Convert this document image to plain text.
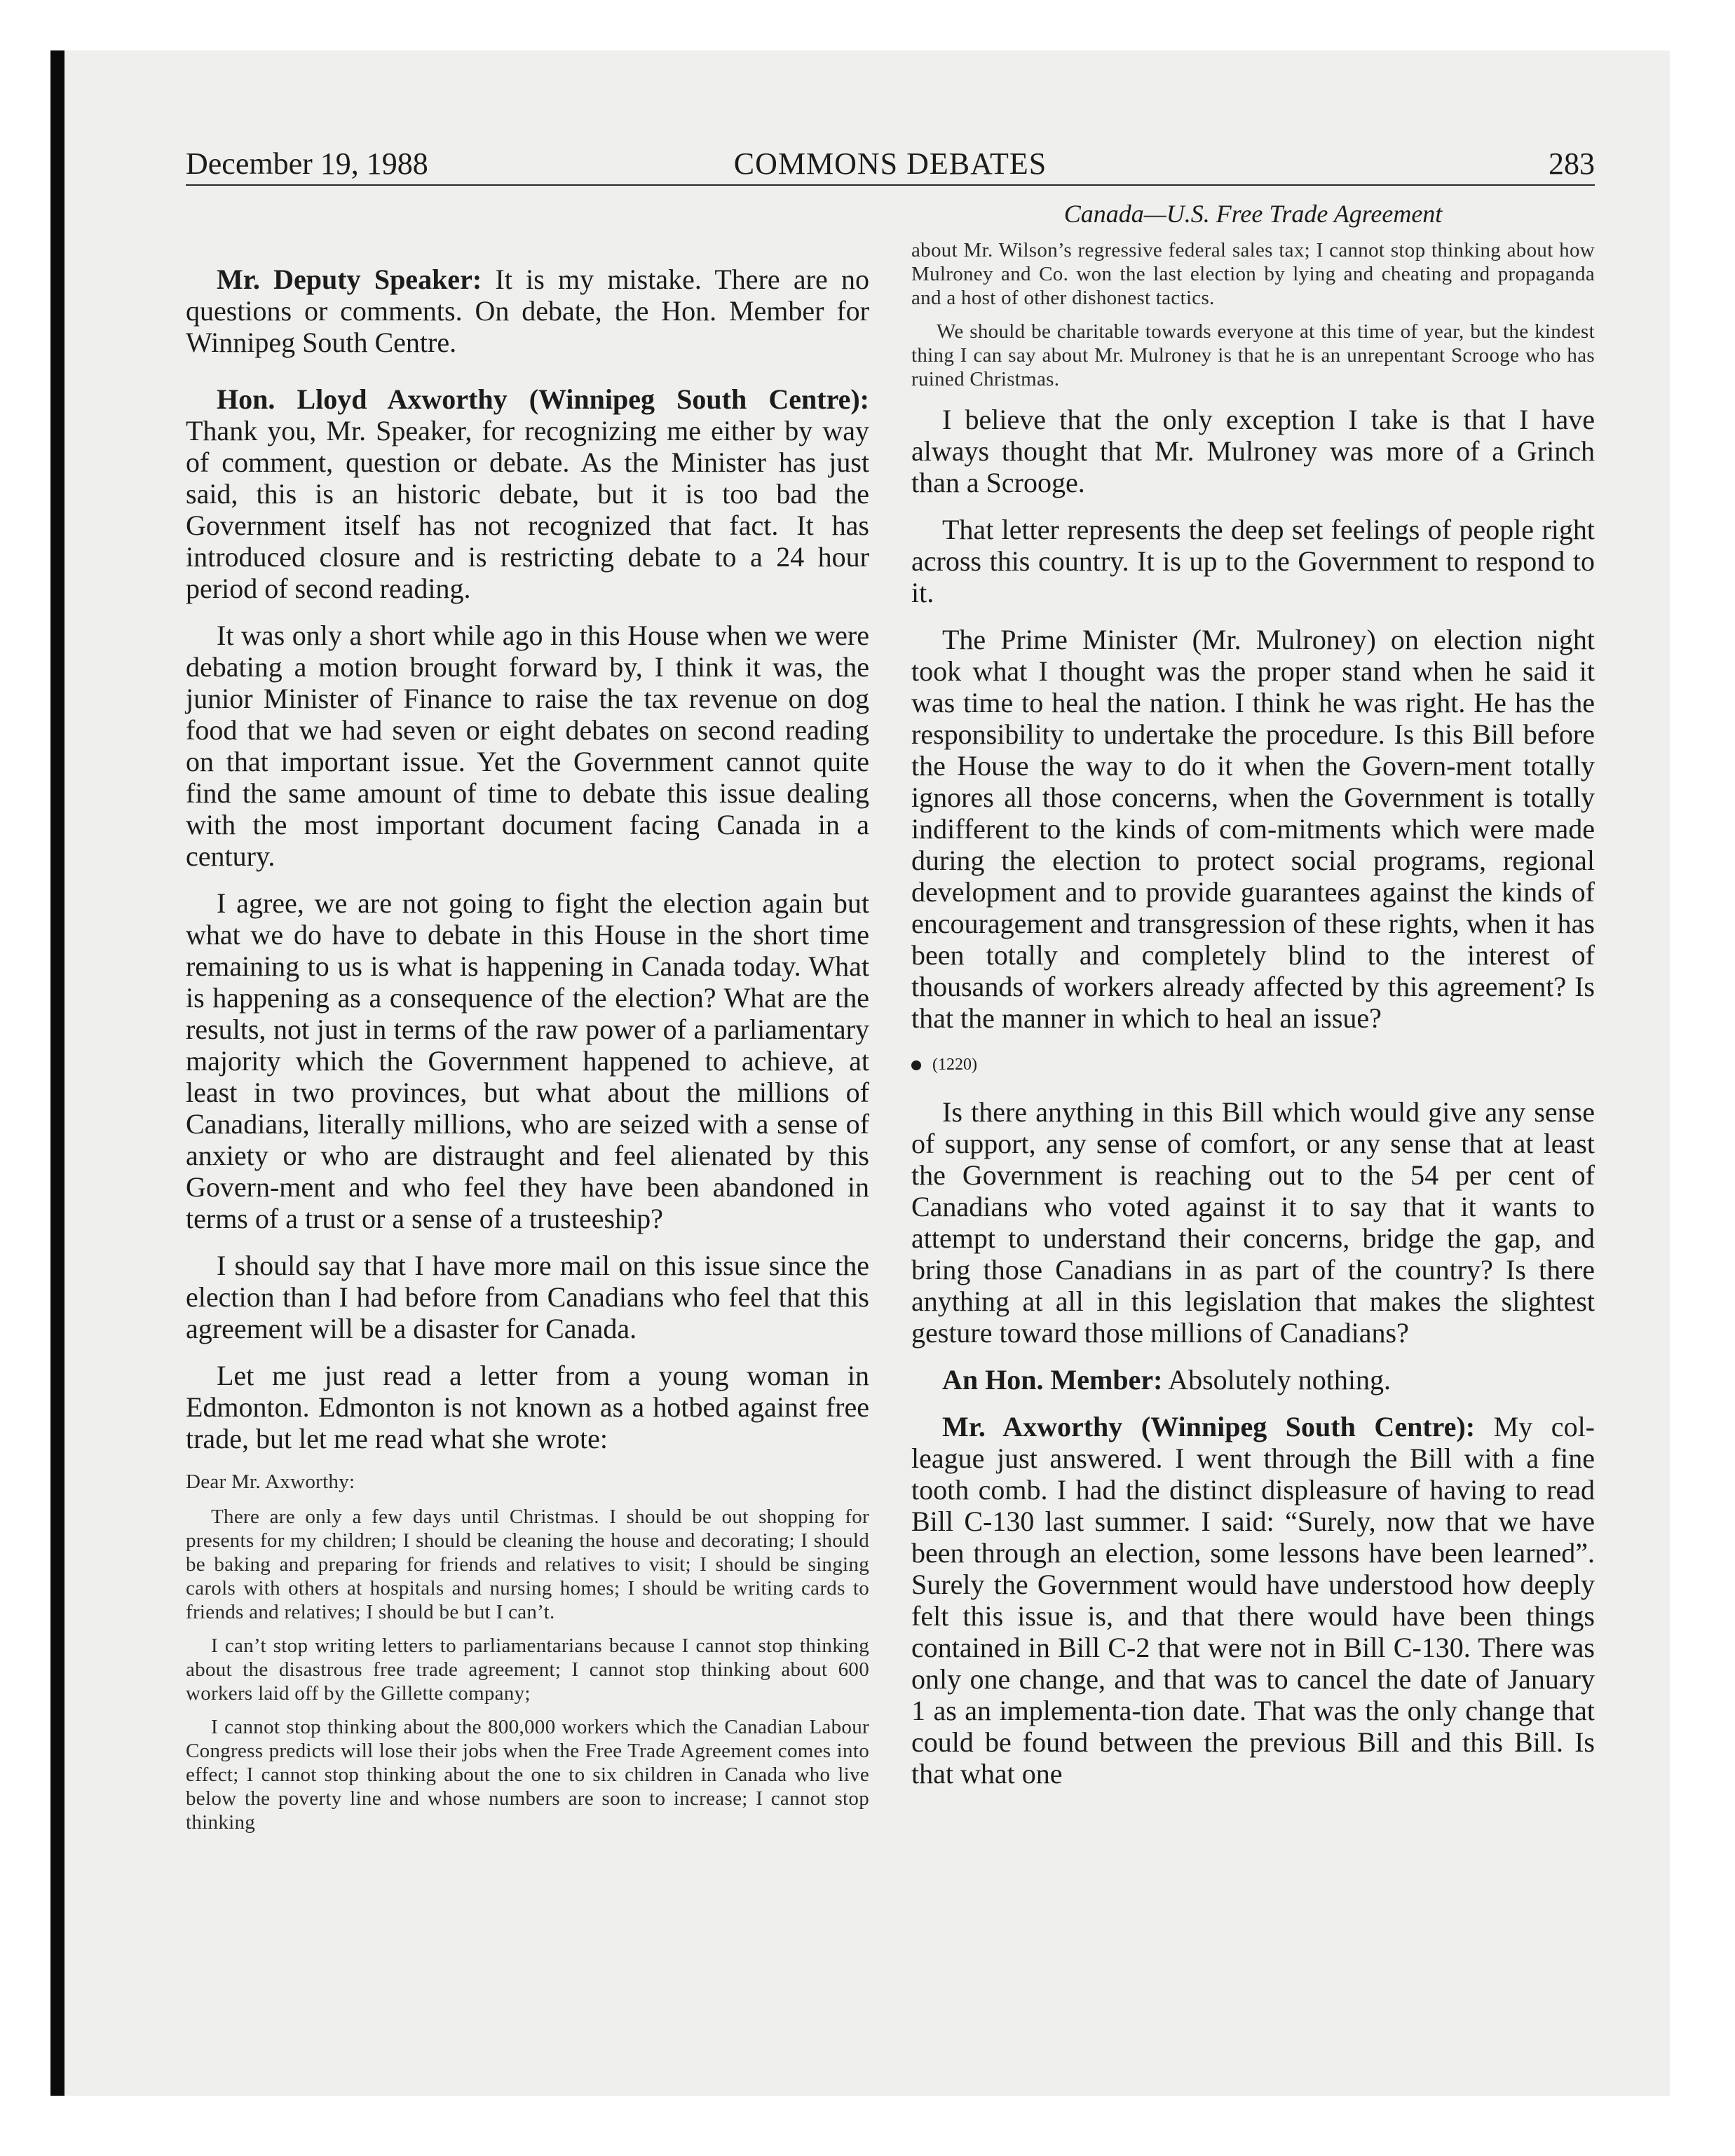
December 19, 1988	COMMONS DEBATES	283
Canada—U.S. Free Trade Agreement

Mr. Deputy Speaker: It is my mistake. There are no questions or comments. On debate, the Hon. Member for Winnipeg South Centre.

Hon. Lloyd Axworthy (Winnipeg South Centre): Thank you, Mr. Speaker, for recognizing me either by way of comment, question or debate. As the Minister has just said, this is an historic debate, but it is too bad the Government itself has not recognized that fact. It has introduced closure and is restricting debate to a 24 hour period of second reading.

It was only a short while ago in this House when we were debating a motion brought forward by, I think it was, the junior Minister of Finance to raise the tax revenue on dog food that we had seven or eight debates on second reading on that important issue. Yet the Government cannot quite find the same amount of time to debate this issue dealing with the most important document facing Canada in a century.

I agree, we are not going to fight the election again but what we do have to debate in this House in the short time remaining to us is what is happening in Canada today. What is happening as a consequence of the election? What are the results, not just in terms of the raw power of a parliamentary majority which the Government happened to achieve, at least in two provinces, but what about the millions of Canadians, literally millions, who are seized with a sense of anxiety or who are distraught and feel alienated by this Govern-ment and who feel they have been abandoned in terms of a trust or a sense of a trusteeship?

I should say that I have more mail on this issue since the election than I had before from Canadians who feel that this agreement will be a disaster for Canada.

Let me just read a letter from a young woman in Edmonton. Edmonton is not known as a hotbed against free trade, but let me read what she wrote:

Dear Mr. Axworthy:

There are only a few days until Christmas. I should be out shopping for presents for my children; I should be cleaning the house and decorating; I should be baking and preparing for friends and relatives to visit; I should be singing carols with others at hospitals and nursing homes; I should be writing cards to friends and relatives; I should be but I can’t.

I can’t stop writing letters to parliamentarians because I cannot stop thinking about the disastrous free trade agreement; I cannot stop thinking about 600 workers laid off by the Gillette company;

I cannot stop thinking about the 800,000 workers which the Canadian Labour Congress predicts will lose their jobs when the Free Trade Agreement comes into effect; I cannot stop thinking about the one to six children in Canada who live below the poverty line and whose numbers are soon to increase; I cannot stop thinking

about Mr. Wilson’s regressive federal sales tax; I cannot stop thinking about how Mulroney and Co. won the last election by lying and cheating and propaganda and a host of other dishonest tactics.

We should be charitable towards everyone at this time of year, but the kindest thing I can say about Mr. Mulroney is that he is an unrepentant Scrooge who has ruined Christmas.

I believe that the only exception I take is that I have always thought that Mr. Mulroney was more of a Grinch than a Scrooge.

That letter represents the deep set feelings of people right across this country. It is up to the Government to respond to it.

The Prime Minister (Mr. Mulroney) on election night took what I thought was the proper stand when he said it was time to heal the nation. I think he was right. He has the responsibility to undertake the procedure. Is this Bill before the House the way to do it when the Govern-ment totally ignores all those concerns, when the Government is totally indifferent to the kinds of com-mitments which were made during the election to protect social programs, regional development and to provide guarantees against the kinds of encouragement and transgression of these rights, when it has been totally and completely blind to the interest of thousands of workers already affected by this agreement? Is that the manner in which to heal an issue?

(1220)

Is there anything in this Bill which would give any sense of support, any sense of comfort, or any sense that at least the Government is reaching out to the 54 per cent of Canadians who voted against it to say that it wants to attempt to understand their concerns, bridge the gap, and bring those Canadians in as part of the country? Is there anything at all in this legislation that makes the slightest gesture toward those millions of Canadians?

An Hon. Member: Absolutely nothing.

Mr. Axworthy (Winnipeg South Centre): My col-league just answered. I went through the Bill with a fine tooth comb. I had the distinct displeasure of having to read Bill C-130 last summer. I said: “Surely, now that we have been through an election, some lessons have been learned”. Surely the Government would have understood how deeply felt this issue is, and that there would have been things contained in Bill C-2 that were not in Bill C-130. There was only one change, and that was to cancel the date of January 1 as an implementa-tion date. That was the only change that could be found between the previous Bill and this Bill. Is that what one
